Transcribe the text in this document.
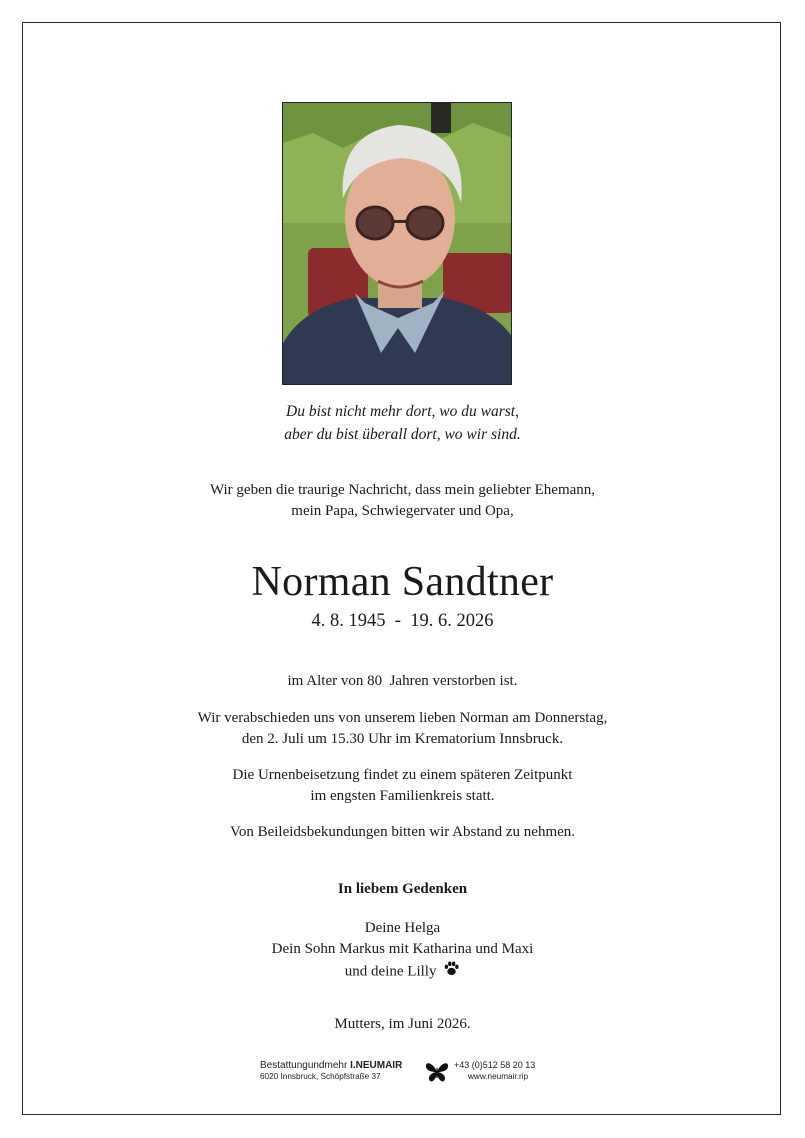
Du bist nicht mehr dort, wo du warst,
aber du bist überall dort, wo wir sind.
Wir geben die traurige Nachricht, dass mein geliebter Ehemann,
mein Papa, Schwiegervater und Opa,
Norman Sandtner
4. 8. 1945  -  19. 6. 2026
im Alter von 80  Jahren verstorben ist.
Wir verabschieden uns von unserem lieben Norman am Donnerstag,
den 2. Juli um 15.30 Uhr im Krematorium Innsbruck.
Die Urnenbeisetzung findet zu einem späteren Zeitpunkt
im engsten Familienkreis statt.
Von Beileidsbekundungen bitten wir Abstand zu nehmen.
In liebem Gedenken
Deine Helga
Dein Sohn Markus mit Katharina und Maxi
und deine Lilly
Mutters, im Juni 2026.
Bestattungundmehr I.NEUMAIR
6020 Innsbruck, Schöpfstraße 37
+43 (0)512 58 20 13
www.neumair.rip
